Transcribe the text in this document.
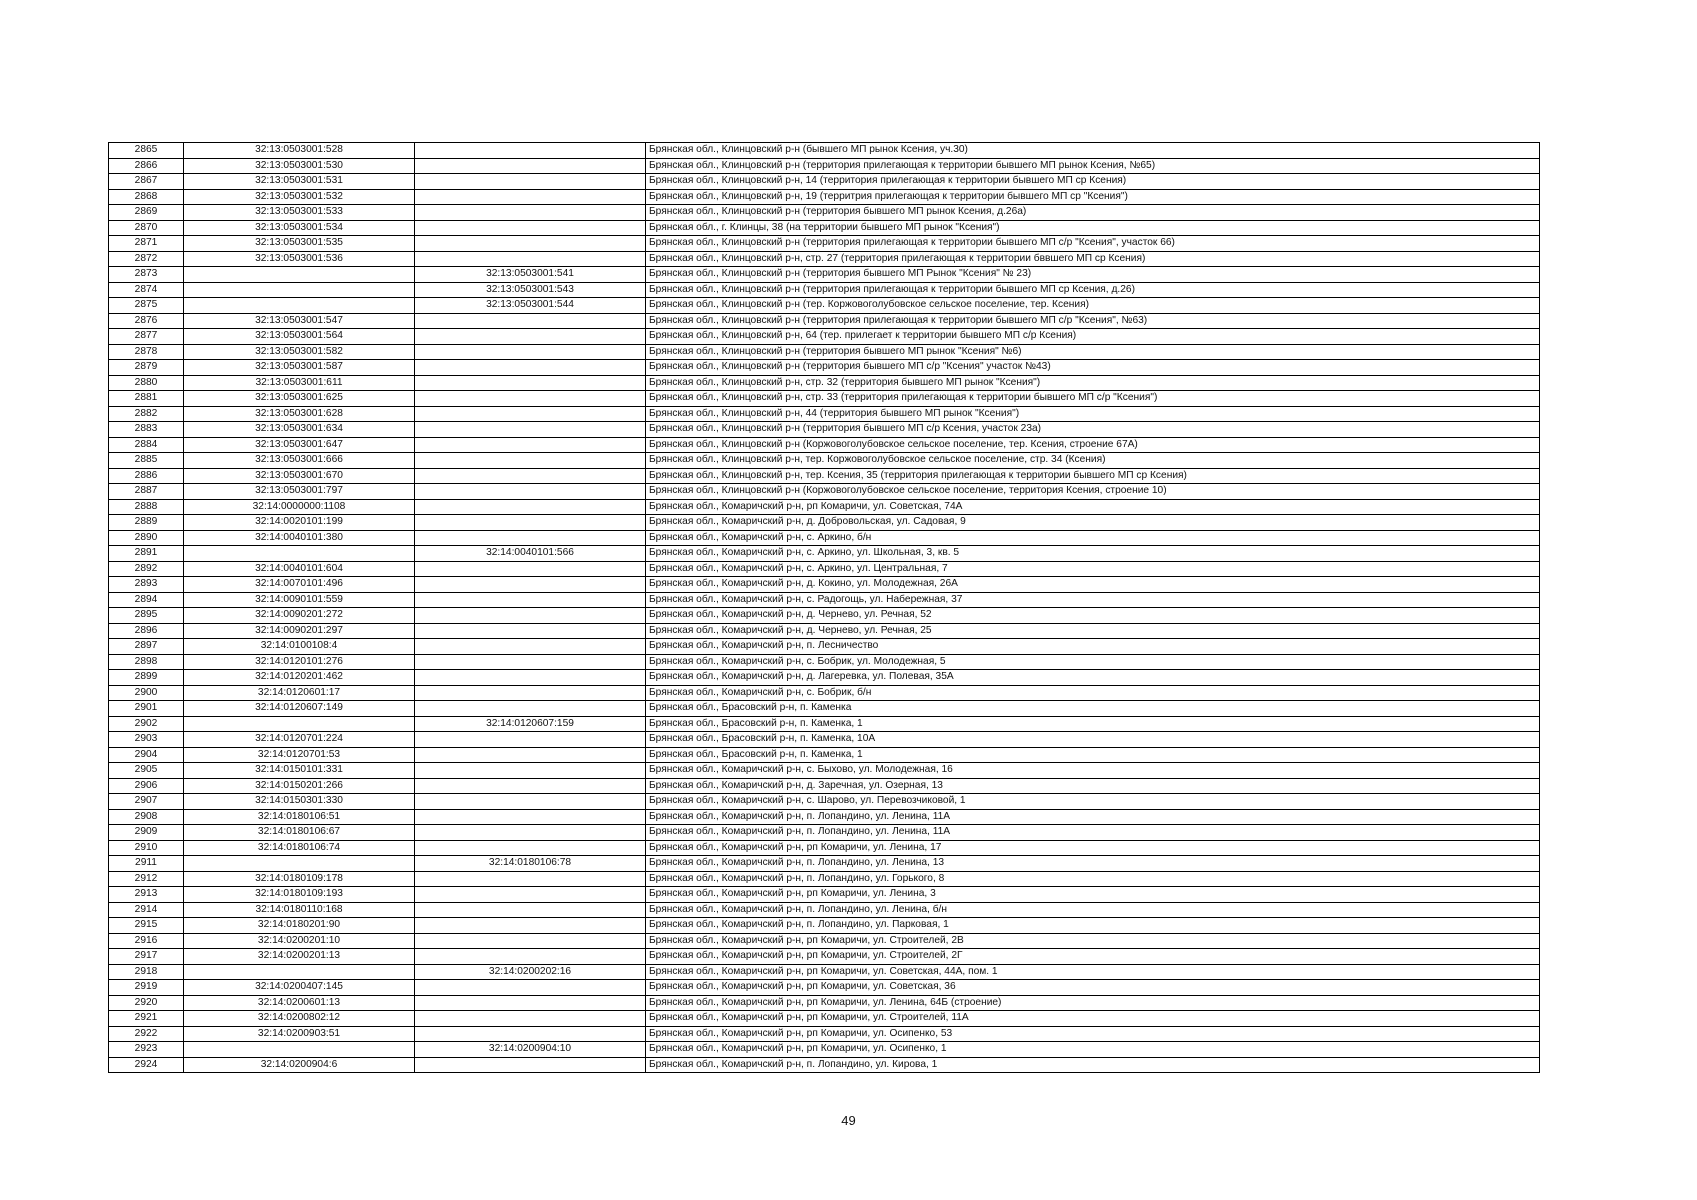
2865	32:13:0503001:528		Брянская обл., Клинцовский р-н (бывшего МП рынок Ксения, уч.30)
2866	32:13:0503001:530		Брянская обл., Клинцовский р-н (территория прилегающая к территории бывшего МП рынок Ксения, №65)
2867	32:13:0503001:531		Брянская обл., Клинцовский р-н, 14 (территория прилегающая к территории бывшего МП ср Ксения)
2868	32:13:0503001:532		Брянская обл., Клинцовский р-н, 19 (территрия прилегающая к территории бывшего МП ср "Ксения")
2869	32:13:0503001:533		Брянская обл., Клинцовский р-н (территория бывшего МП рынок Ксения, д.26а)
2870	32:13:0503001:534		Брянская обл., г. Клинцы, 38 (на территории бывшего МП рынок "Ксения")
2871	32:13:0503001:535		Брянская обл., Клинцовский р-н (территория прилегающая к территории бывшего МП с/р "Ксения", участок 66)
2872	32:13:0503001:536		Брянская обл., Клинцовский р-н, стр. 27 (территория прилегающая к территории бввшего МП ср Ксения)
2873		32:13:0503001:541	Брянская обл., Клинцовский р-н (территория бывшего МП Рынок "Ксения" № 23)
2874		32:13:0503001:543	Брянская обл., Клинцовский р-н (территория прилегающая к территории бывшего МП ср Ксения, д.26)
2875		32:13:0503001:544	Брянская обл., Клинцовский р-н (тер. Коржовоголубовское сельское поселение, тер. Ксения)
2876	32:13:0503001:547		Брянская обл., Клинцовский р-н (территория прилегающая к территории бывшего МП с/р "Ксения", №63)
2877	32:13:0503001:564		Брянская обл., Клинцовский р-н, 64 (тер. прилегает к территории бывшего МП с/р Ксения)
2878	32:13:0503001:582		Брянская обл., Клинцовский р-н (территория бывшего МП рынок "Ксения" №6)
2879	32:13:0503001:587		Брянская обл., Клинцовский р-н (территория бывшего МП с/р "Ксения" участок №43)
2880	32:13:0503001:611		Брянская обл., Клинцовский р-н, стр. 32 (территория бывшего МП рынок "Ксения")
2881	32:13:0503001:625		Брянская обл., Клинцовский р-н, стр. 33 (территория прилегающая к территории бывшего МП с/р "Ксения")
2882	32:13:0503001:628		Брянская обл., Клинцовский р-н, 44 (территория бывшего МП рынок "Ксения")
2883	32:13:0503001:634		Брянская обл., Клинцовский р-н (территория бывшего МП с/р Ксения, участок 23а)
2884	32:13:0503001:647		Брянская обл., Клинцовский р-н (Коржовоголубовское сельское поселение, тер. Ксения, строение 67А)
2885	32:13:0503001:666		Брянская обл., Клинцовский р-н, тер. Коржовоголубовское сельское поселение, стр. 34 (Ксения)
2886	32:13:0503001:670		Брянская обл., Клинцовский р-н, тер. Ксения, 35 (территория прилегающая к территории бывшего МП ср Ксения)
2887	32:13:0503001:797		Брянская обл., Клинцовский р-н (Коржовоголубовское сельское поселение, территория Ксения, строение 10)
2888	32:14:0000000:1108		Брянская обл., Комаричский р-н, рп Комаричи, ул. Советская, 74А
2889	32:14:0020101:199		Брянская обл., Комаричский р-н, д. Добровольская, ул. Садовая, 9
2890	32:14:0040101:380		Брянская обл., Комаричский р-н, с. Аркино, б/н
2891		32:14:0040101:566	Брянская обл., Комаричский р-н, с. Аркино, ул. Школьная, 3, кв. 5
2892	32:14:0040101:604		Брянская обл., Комаричский р-н, с. Аркино, ул. Центральная, 7
2893	32:14:0070101:496		Брянская обл., Комаричский р-н, д. Кокино, ул. Молодежная, 26А
2894	32:14:0090101:559		Брянская обл., Комаричский р-н, с. Радогощь, ул. Набережная, 37
2895	32:14:0090201:272		Брянская обл., Комаричский р-н, д. Чернево, ул. Речная, 52
2896	32:14:0090201:297		Брянская обл., Комаричский р-н, д. Чернево, ул. Речная, 25
2897	32:14:0100108:4		Брянская обл., Комаричский р-н, п. Лесничество
2898	32:14:0120101:276		Брянская обл., Комаричский р-н, с. Бобрик, ул. Молодежная, 5
2899	32:14:0120201:462		Брянская обл., Комаричский р-н, д. Лагеревка, ул. Полевая, 35А
2900	32:14:0120601:17		Брянская обл., Комаричский р-н, с. Бобрик, б/н
2901	32:14:0120607:149		Брянская обл., Брасовский р-н, п. Каменка
2902		32:14:0120607:159	Брянская обл., Брасовский р-н, п. Каменка, 1
2903	32:14:0120701:224		Брянская обл., Брасовский р-н, п. Каменка, 10А
2904	32:14:0120701:53		Брянская обл., Брасовский р-н, п. Каменка, 1
2905	32:14:0150101:331		Брянская обл., Комаричский р-н, с. Быхово, ул. Молодежная, 16
2906	32:14:0150201:266		Брянская обл., Комаричский р-н, д. Заречная, ул. Озерная, 13
2907	32:14:0150301:330		Брянская обл., Комаричский р-н, с. Шарово, ул. Перевозчиковой, 1
2908	32:14:0180106:51		Брянская обл., Комаричский р-н, п. Лопандино, ул. Ленина, 11А
2909	32:14:0180106:67		Брянская обл., Комаричский р-н, п. Лопандино, ул. Ленина, 11А
2910	32:14:0180106:74		Брянская обл., Комаричский р-н, рп Комаричи, ул. Ленина, 17
2911		32:14:0180106:78	Брянская обл., Комаричский р-н, п. Лопандино, ул. Ленина, 13
2912	32:14:0180109:178		Брянская обл., Комаричский р-н, п. Лопандино, ул. Горького, 8
2913	32:14:0180109:193		Брянская обл., Комаричский р-н, рп Комаричи, ул. Ленина, 3
2914	32:14:0180110:168		Брянская обл., Комаричский р-н, п. Лопандино, ул. Ленина, б/н
2915	32:14:0180201:90		Брянская обл., Комаричский р-н, п. Лопандино, ул. Парковая, 1
2916	32:14:0200201:10		Брянская обл., Комаричский р-н, рп Комаричи, ул. Строителей, 2В
2917	32:14:0200201:13		Брянская обл., Комаричский р-н, рп Комаричи, ул. Строителей, 2Г
2918		32:14:0200202:16	Брянская обл., Комаричский р-н, рп Комаричи, ул. Советская, 44А, пом. 1
2919	32:14:0200407:145		Брянская обл., Комаричский р-н, рп Комаричи, ул. Советская, 36
2920	32:14:0200601:13		Брянская обл., Комаричский р-н, рп Комаричи, ул. Ленина, 64Б (строение)
2921	32:14:0200802:12		Брянская обл., Комаричский р-н, рп Комаричи, ул. Строителей, 11А
2922	32:14:0200903:51		Брянская обл., Комаричский р-н, рп Комаричи, ул. Осипенко, 53
2923		32:14:0200904:10	Брянская обл., Комаричский р-н, рп Комаричи, ул. Осипенко, 1
2924	32:14:0200904:6		Брянская обл., Комаричский р-н, п. Лопандино, ул. Кирова, 1
49
